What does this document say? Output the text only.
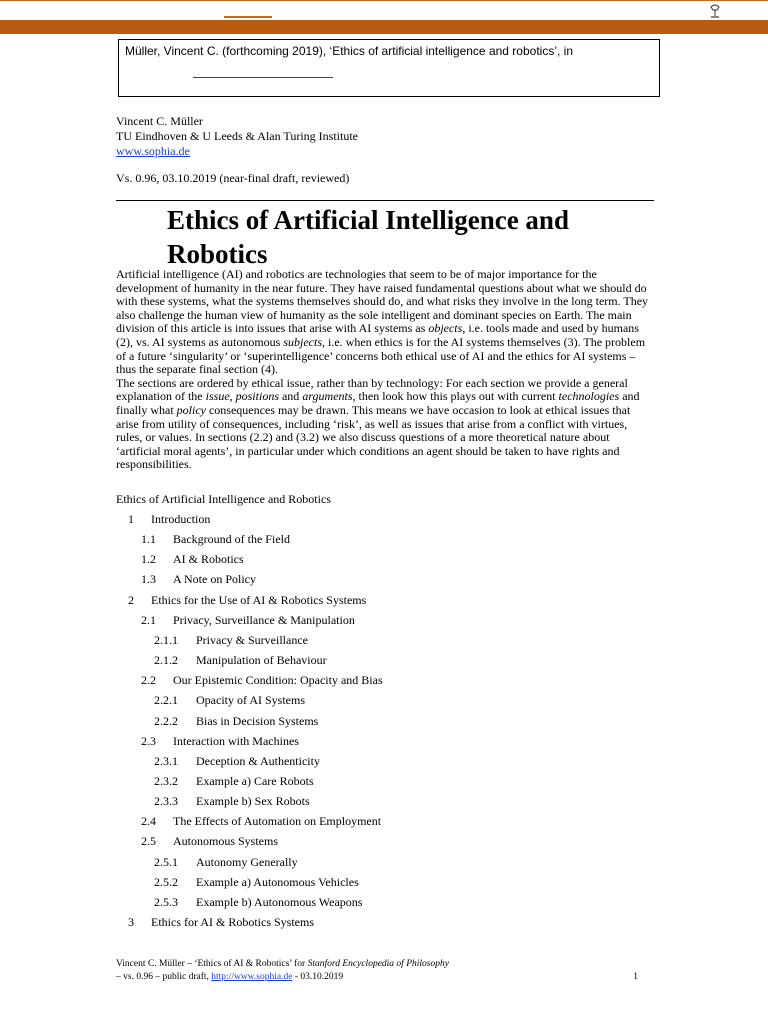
Müller, Vincent C. (forthcoming 2019), ‘Ethics of artificial intelligence and robotics’, in
Vincent C. Müller
TU Eindhoven & U Leeds & Alan Turing Institute
www.sophia.de
Vs. 0.96, 03.10.2019 (near-final draft, reviewed)
Ethics of Artificial Intelligence and Robotics

Artificial intelligence (AI) and robotics are technologies that seem to be of major importance for the development of humanity in the near future. They have raised fundamental questions about what we should do with these systems, what the systems themselves should do, and what risks they involve in the long term. They also challenge the human view of humanity as the sole intelligent and dominant species on Earth. The main division of this article is into issues that arise with AI systems as objects, i.e. tools made and used by humans (2), vs. AI systems as autonomous subjects, i.e. when ethics is for the AI systems themselves (3). The problem of a future ‘singularity’ or ‘superintelligence’ concerns both ethical use of AI and the ethics for AI systems – thus the separate final section (4).

The sections are ordered by ethical issue, rather than by technology: For each section we provide a general explanation of the issue, positions and arguments, then look how this plays out with current technologies and finally what policy consequences may be drawn. This means we have occasion to look at ethical issues that arise from utility of consequences, including ‘risk’, as well as issues that arise from a conflict with virtues, rules, or values. In sections (2.2) and (3.2) we also discuss questions of a more theoretical nature about ‘artificial moral agents’, in particular under which conditions an agent should be taken to have rights and responsibilities.

Ethics of Artificial Intelligence and Robotics
1 Introduction
1.1 Background of the Field
1.2 AI & Robotics
1.3 A Note on Policy
2 Ethics for the Use of AI & Robotics Systems
2.1 Privacy, Surveillance & Manipulation
2.1.1 Privacy & Surveillance
2.1.2 Manipulation of Behaviour
2.2 Our Epistemic Condition: Opacity and Bias
2.2.1 Opacity of AI Systems
2.2.2 Bias in Decision Systems
2.3 Interaction with Machines
2.3.1 Deception & Authenticity
2.3.2 Example a) Care Robots
2.3.3 Example b) Sex Robots
2.4 The Effects of Automation on Employment
2.5 Autonomous Systems
2.5.1 Autonomy Generally
2.5.2 Example a) Autonomous Vehicles
2.5.3 Example b) Autonomous Weapons
3 Ethics for AI & Robotics Systems
Vincent C. Müller – ‘Ethics of AI & Robotics’ for Stanford Encyclopedia of Philosophy
– vs. 0.96 – public draft, http://www.sophia.de - 03.10.2019	1
